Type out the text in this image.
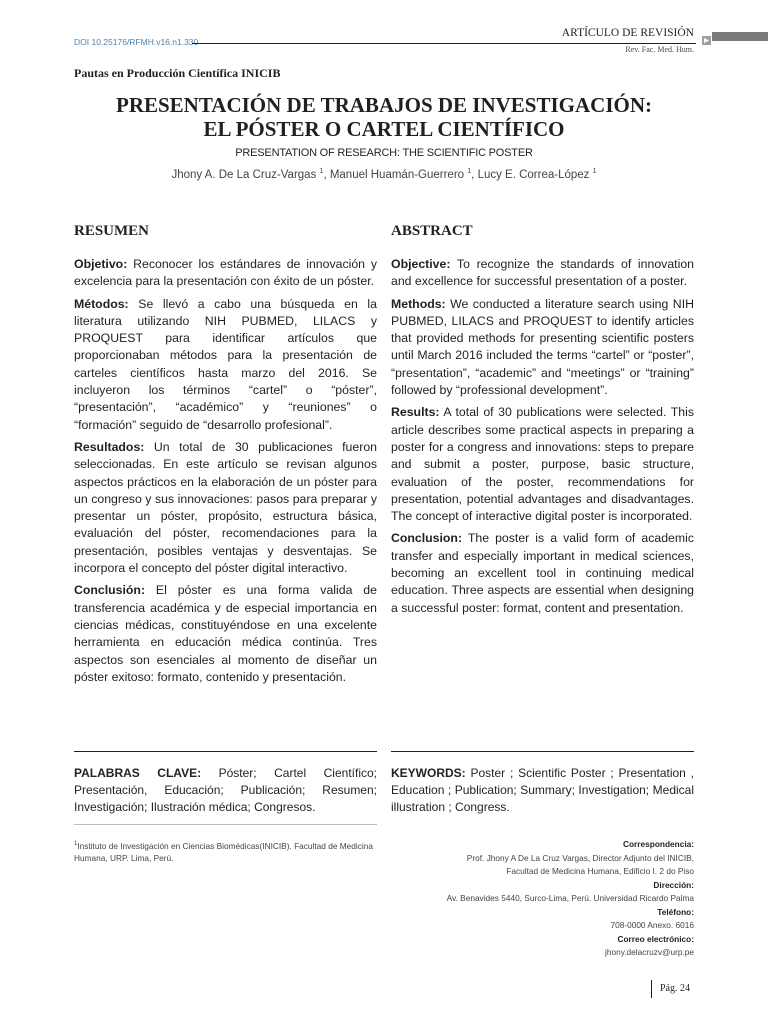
DOI 10.25176/RFMH.v16.n1.330
ARTÍCULO DE REVISIÓN
Rev. Fac. Med. Hum.
Pautas en Producción Científica INICIB
PRESENTACIÓN DE TRABAJOS DE INVESTIGACIÓN:
EL PÓSTER O CARTEL CIENTÍFICO
PRESENTATION OF RESEARCH: THE SCIENTIFIC POSTER
Jhony A. De La Cruz-Vargas $^1$, Manuel Huamán-Guerrero $^1$, Lucy E. Correa-López $^1$
RESUMEN

Objetivo: Reconocer los estándares de innovación y excelencia para la presentación con éxito de un póster.

Métodos: Se llevó a cabo una búsqueda en la literatura utilizando NIH PUBMED, LILACS y PROQUEST para identificar artículos que proporcionaban métodos para la presentación de carteles científicos hasta marzo del 2016. Se incluyeron los términos “cartel” o “póster”, “presentación”, “académico” y “reuniones” o “formación” seguido de “desarrollo profesional”.

Resultados: Un total de 30 publicaciones fueron seleccionadas. En este artículo se revisan algunos aspectos prácticos en la elaboración de un póster para un congreso y sus innovaciones: pasos para preparar y presentar un póster, propósito, estructura básica, evaluación del póster, recomendaciones para la presentación, posibles ventajas y desventajas. Se incorpora el concepto del póster digital interactivo.

Conclusión: El póster es una forma valida de transferencia académica y de especial importancia en ciencias médicas, constituyéndose en una excelente herramienta en educación médica continúa. Tres aspectos son esenciales al momento de diseñar un póster exitoso: formato, contenido y presentación.

ABSTRACT

Objective: To recognize the standards of innovation and excellence for successful presentation of a poster.

Methods: We conducted a literature search using NIH PUBMED, LILACS and PROQUEST to identify articles that provided methods for presenting scientific posters until March 2016 included the terms “cartel” or “poster”, “presentation”, “academic” and “meetings” or “training” followed by “professional development”.

Results: A total of 30 publications were selected. This article describes some practical aspects in preparing a poster for a congress and innovations: steps to prepare and submit a poster, purpose, basic structure, evaluation of the poster, recommendations for presentation, potential advantages and disadvantages. The concept of interactive digital poster is incorporated.

Conclusion: The poster is a valid form of academic transfer and especially important in medical sciences, becoming an excellent tool in continuing medical education. Three aspects are essential when designing a successful poster: format, content and presentation.

PALABRAS CLAVE: Póster; Cartel Científico; Presentación, Educación; Publicación; Resumen; Investigación; Ilustración médica; Congresos.
KEYWORDS: Poster ; Scientific Poster ; Presentation , Education ; Publication; Summary; Investigation; Medical illustration ; Congress.
$^1$Instituto de Investigación en Ciencias Biomédicas(INICIB). Facultad de Medicina Humana, URP. Lima, Perú.
Correspondencia:
Prof. Jhony A De La Cruz Vargas, Director Adjunto del INICIB,
Facultad de Medicina Humana, Edificio I. 2 do Piso
Dirección:
Av. Benavides 5440, Surco-Lima, Perú. Universidad Ricardo Palma
Teléfono:
708-0000 Anexo. 6016
Correo electrónico:
jhony.delacruzv@urp.pe
Pág. 24
